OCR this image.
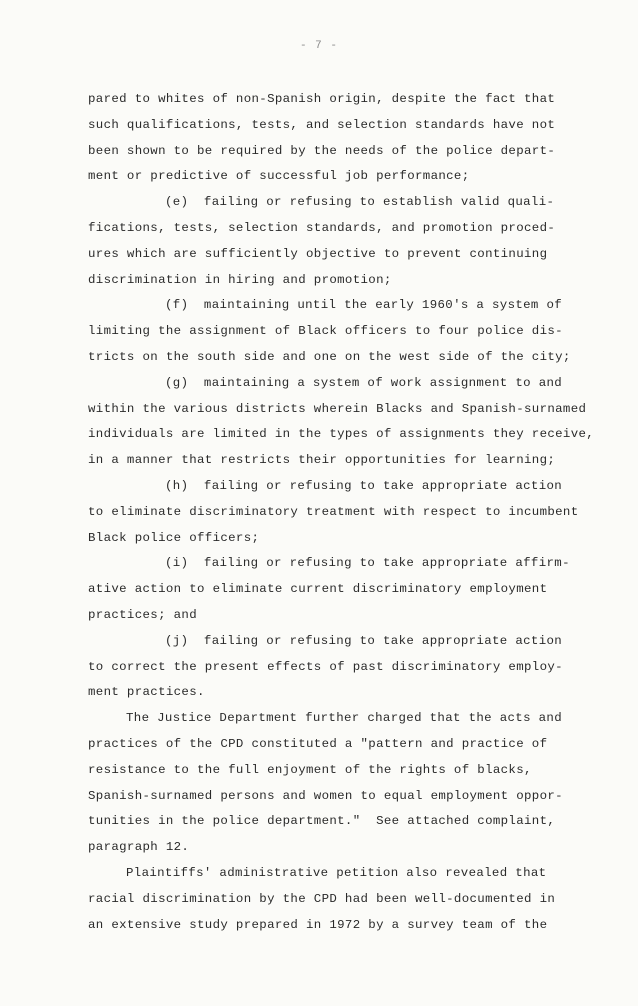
- 7 -
pared to whites of non-Spanish origin, despite the fact that
such qualifications, tests, and selection standards have not
been shown to be required by the needs of the police depart-
ment or predictive of successful job performance;
(e)  failing or refusing to establish valid quali-
fications, tests, selection standards, and promotion proced-
ures which are sufficiently objective to prevent continuing
discrimination in hiring and promotion;
(f)  maintaining until the early 1960's a system of
limiting the assignment of Black officers to four police dis-
tricts on the south side and one on the west side of the city;
(g)  maintaining a system of work assignment to and
within the various districts wherein Blacks and Spanish-surnamed
individuals are limited in the types of assignments they receive,
in a manner that restricts their opportunities for learning;
(h)  failing or refusing to take appropriate action
to eliminate discriminatory treatment with respect to incumbent
Black police officers;
(i)  failing or refusing to take appropriate affirm-
ative action to eliminate current discriminatory employment
practices; and
(j)  failing or refusing to take appropriate action
to correct the present effects of past discriminatory employ-
ment practices.
The Justice Department further charged that the acts and
practices of the CPD constituted a "pattern and practice of
resistance to the full enjoyment of the rights of blacks,
Spanish-surnamed persons and women to equal employment oppor-
tunities in the police department."  See attached complaint,
paragraph 12.
Plaintiffs' administrative petition also revealed that
racial discrimination by the CPD had been well-documented in
an extensive study prepared in 1972 by a survey team of the
